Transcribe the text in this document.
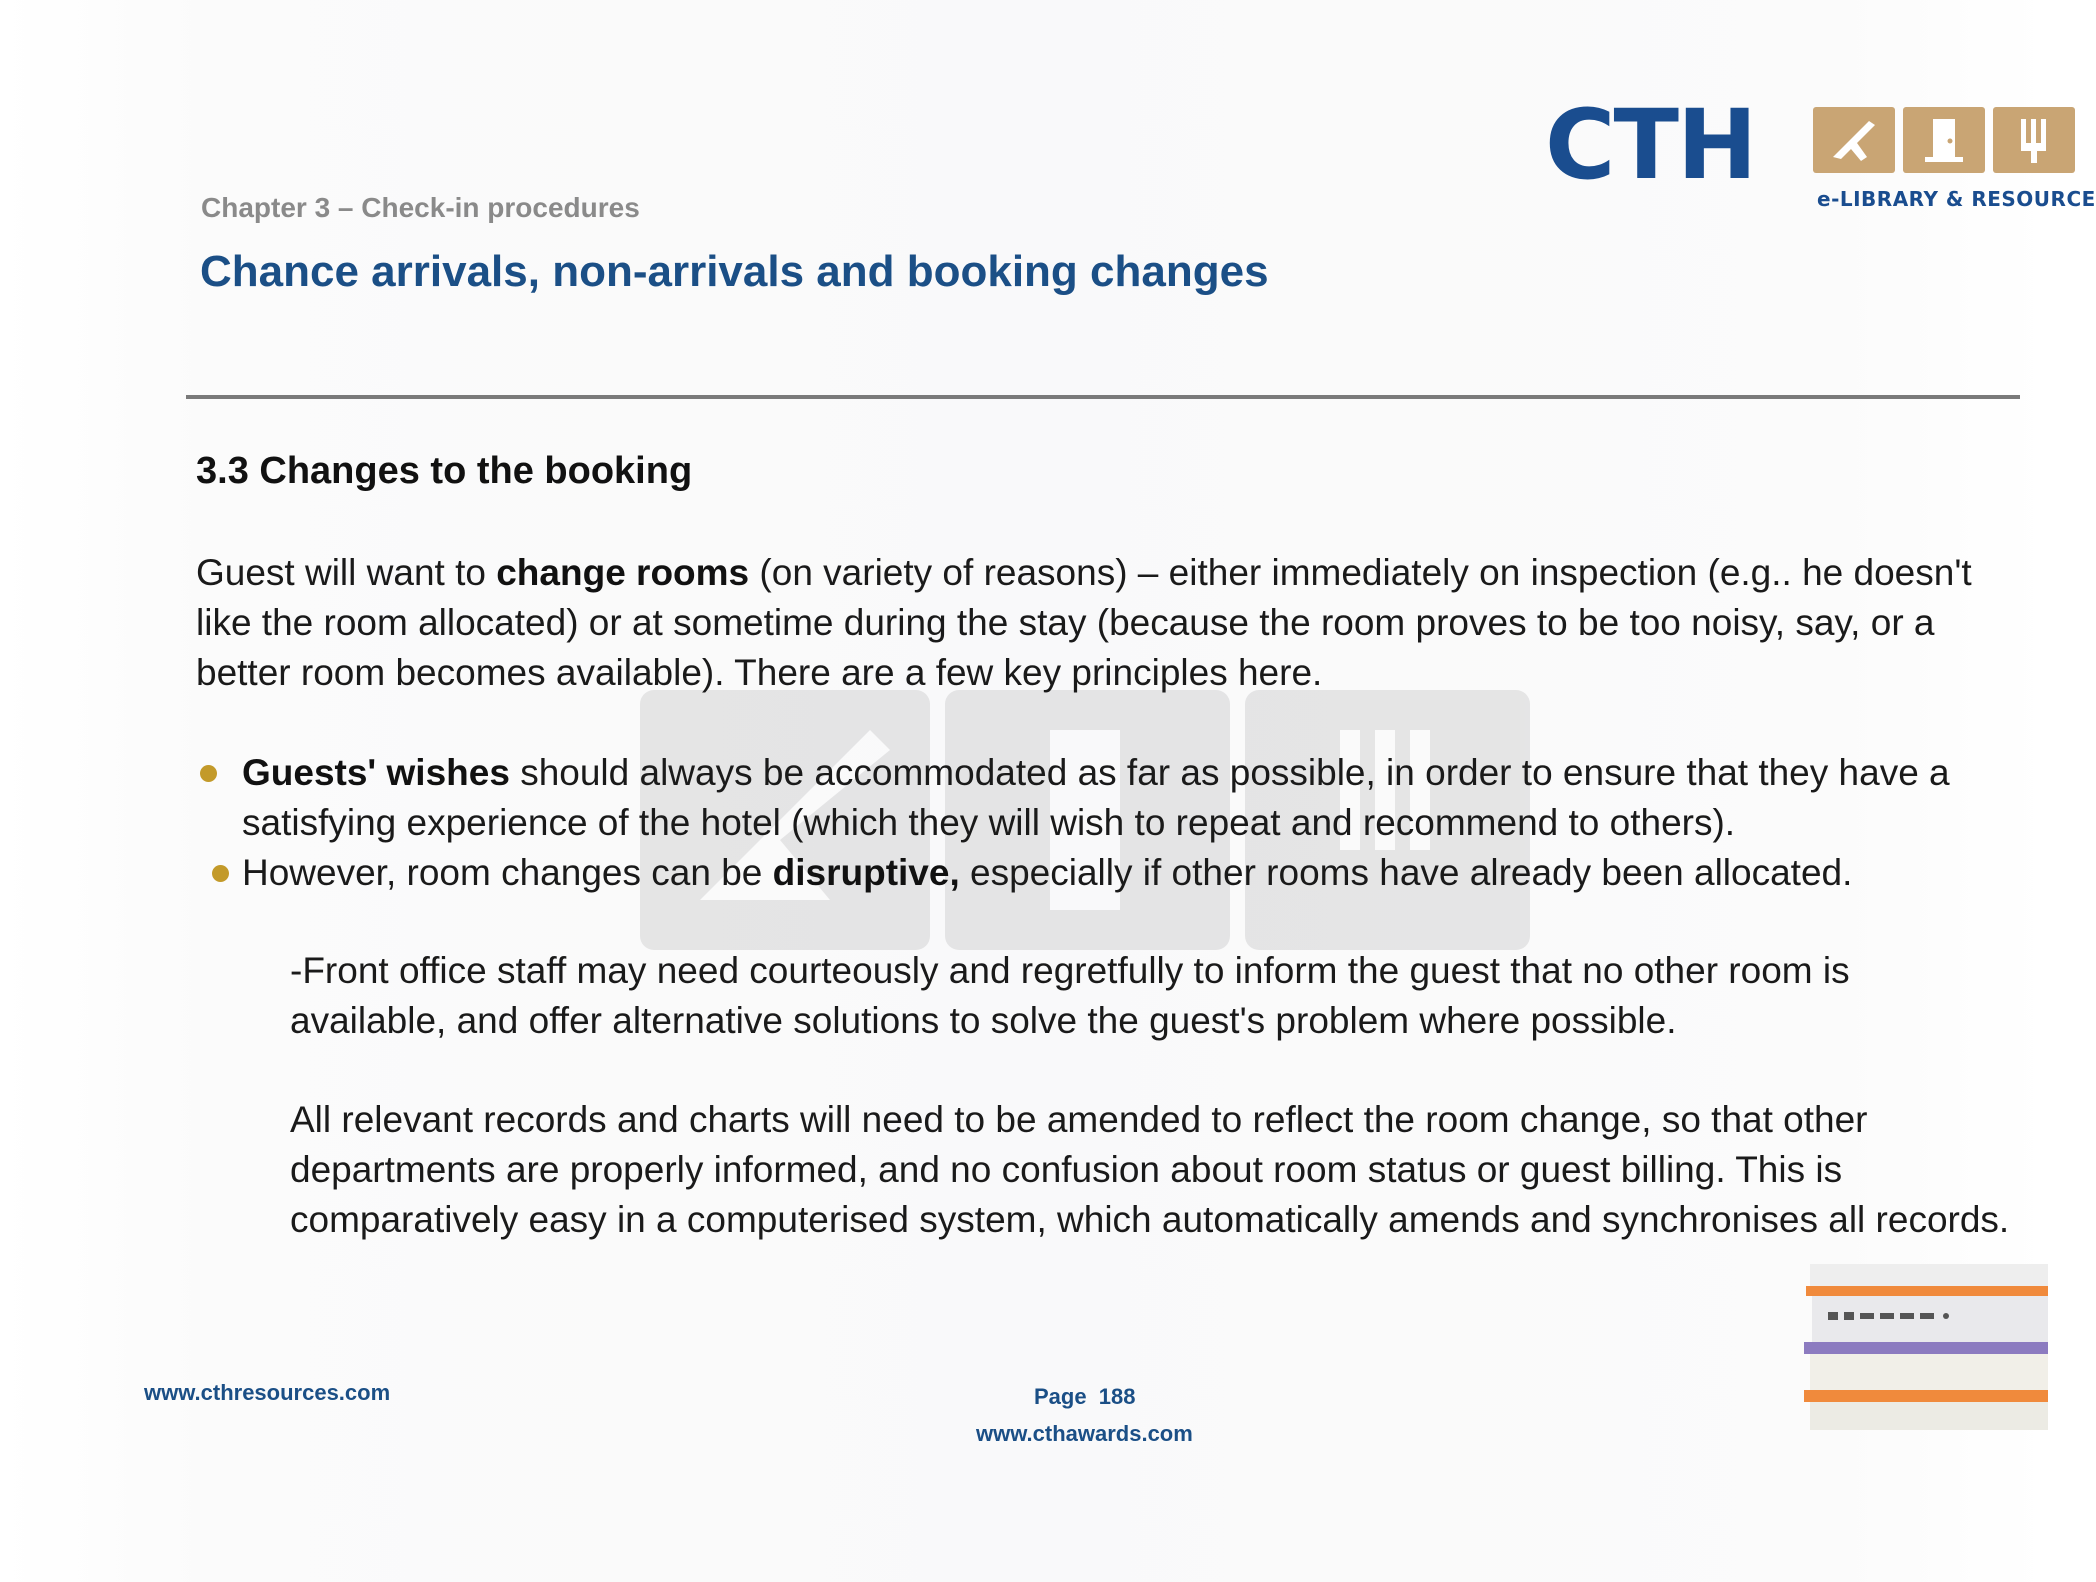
CTH	e-LIBRARY & RESOURCE
Chapter 3 – Check-in procedures
Chance arrivals, non-arrivals and booking changes
3.3 Changes to the booking

Guest will want to change rooms (on variety of reasons) – either immediately on inspection (e.g.. he doesn't like the room allocated) or at sometime during the stay (because the room proves to be too noisy, say, or a better room becomes available). There are a few key principles here.

Guests' wishes should always be accommodated as far as possible, in order to ensure that they have a satisfying experience of the hotel (which they will wish to repeat and recommend to others).
However, room changes can be disruptive, especially if other rooms have already been allocated.

-Front office staff may need courteously and regretfully to inform the guest that no other room is available, and offer alternative solutions to solve the guest's problem where possible.

All relevant records and charts will need to be amended to reflect the room change, so that other departments are properly informed, and no confusion about room status or guest billing. This is comparatively easy in a computerised system, which automatically amends and synchronises all records.

www.cthresources.com	Page  188
www.cthawards.com
